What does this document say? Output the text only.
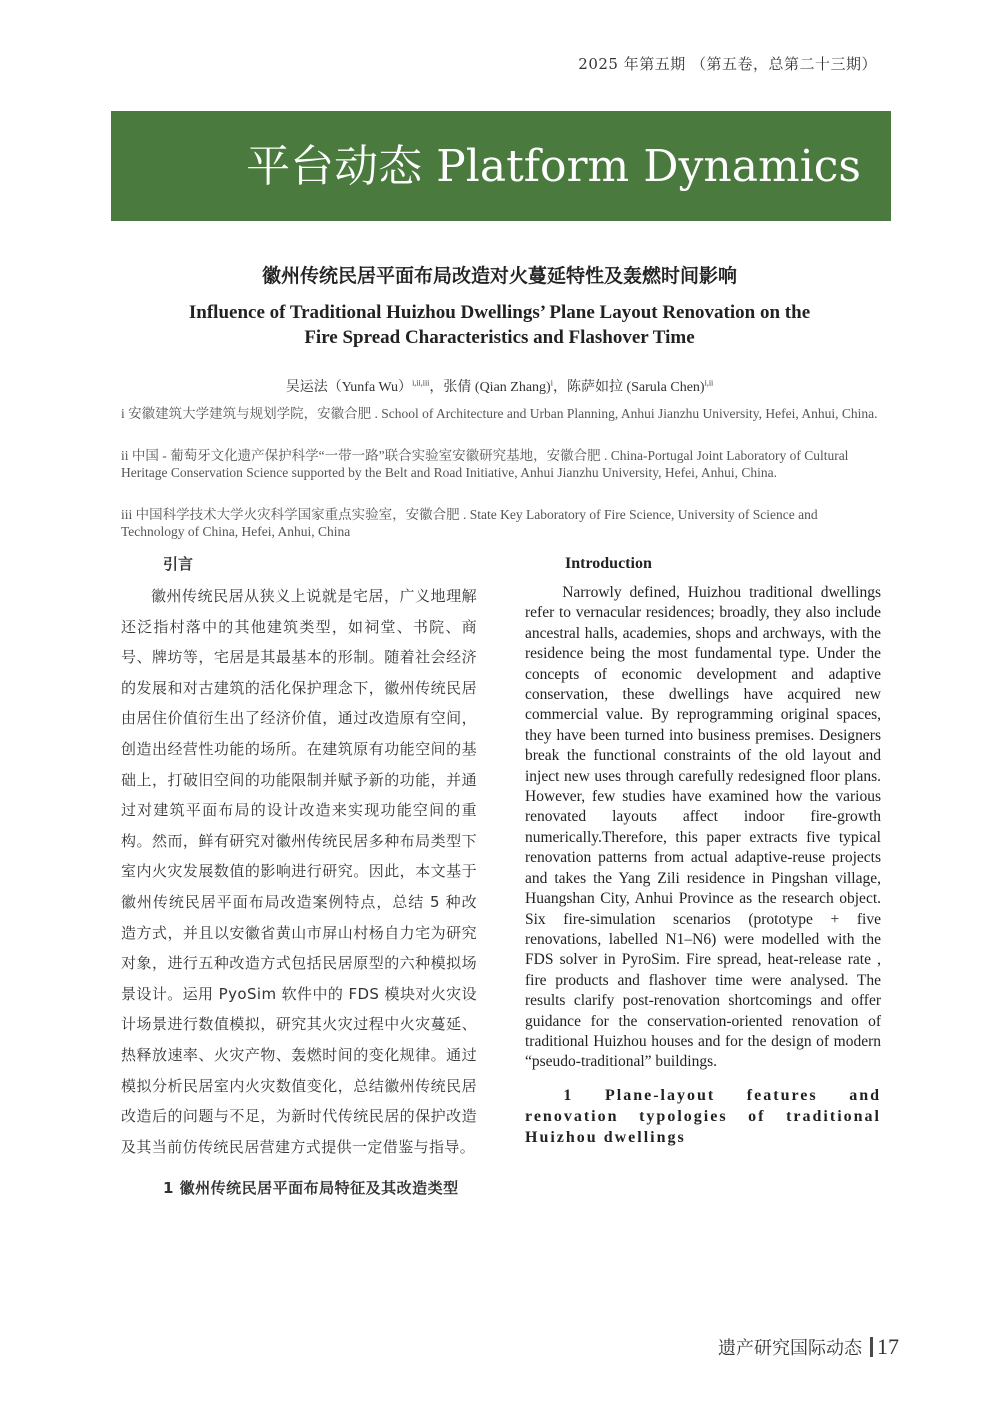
2025 年第五期 （第五卷，总第二十三期）
平台动态 Platform Dynamics
徽州传统民居平面布局改造对火蔓延特性及轰燃时间影响
Influence of Traditional Huizhou Dwellings’ Plane Layout Renovation on the
Fire Spread Characteristics and Flashover Time
吴运法（Yunfa Wu）$^{i,ii,iii}$，张倩 (Qian Zhang)$^i$，陈萨如拉 (Sarula Chen)$^{i,ii}$
i 安徽建筑大学建筑与规划学院，安徽合肥 . School of Architecture and Urban Planning, Anhui Jianzhu University, Hefei, Anhui, China.
ii 中国 - 葡萄牙文化遗产保护科学“一带一路”联合实验室安徽研究基地，安徽合肥 . China-Portugal Joint Laboratory of Cultural Heritage Conservation Science supported by the Belt and Road Initiative, Anhui Jianzhu University, Hefei, Anhui, China.
iii 中国科学技术大学火灾科学国家重点实验室，安徽合肥 . State Key Laboratory of Fire Science, University of Science and Technology of China, Hefei, Anhui, China
引言

徽州传统民居从狭义上说就是宅居，广义地理解还泛指村落中的其他建筑类型，如祠堂、书院、商号、牌坊等，宅居是其最基本的形制。随着社会经济的发展和对古建筑的活化保护理念下，徽州传统民居由居住价值衍生出了经济价值，通过改造原有空间，创造出经营性功能的场所。在建筑原有功能空间的基础上，打破旧空间的功能限制并赋予新的功能，并通过对建筑平面布局的设计改造来实现功能空间的重构。然而，鲜有研究对徽州传统民居多种布局类型下室内火灾发展数值的影响进行研究。因此，本文基于徽州传统民居平面布局改造案例特点，总结 5 种改造方式，并且以安徽省黄山市屏山村杨自力宅为研究对象，进行五种改造方式包括民居原型的六种模拟场景设计。运用 PyoSim 软件中的 FDS 模块对火灾设计场景进行数值模拟，研究其火灾过程中火灾蔓延、热释放速率、火灾产物、轰燃时间的变化规律。通过模拟分析民居室内火灾数值变化，总结徽州传统民居改造后的问题与不足，为新时代传统民居的保护改造及其当前仿传统民居营建方式提供一定借鉴与指导。

1 徽州传统民居平面布局特征及其改造类型
Introduction

Narrowly defined, Huizhou traditional dwellings refer to vernacular residences; broadly, they also include ancestral halls, academies, shops and archways, with the residence being the most fundamental type. Under the concepts of economic development and adaptive conservation, these dwellings have acquired new commercial value. By reprogramming original spaces, they have been turned into business premises. Designers break the functional constraints of the old layout and inject new uses through carefully redesigned floor plans. However, few studies have examined how the various renovated layouts affect indoor fire-growth numerically.Therefore, this paper extracts five typical renovation patterns from actual adaptive-reuse projects and takes the Yang Zili residence in Pingshan village, Huangshan City, Anhui Province as the research object. Six fire-simulation scenarios (prototype + five renovations, labelled N1–N6) were modelled with the FDS solver in PyroSim. Fire spread, heat-release rate , fire products and flashover time were analysed. The results clarify post-renovation shortcomings and offer guidance for the conservation-oriented renovation of traditional Huizhou houses and for the design of modern “pseudo-traditional” buildings.

1 Plane-layout features and renovation typologies of traditional Huizhou dwellings
遗产研究国际动态 17
